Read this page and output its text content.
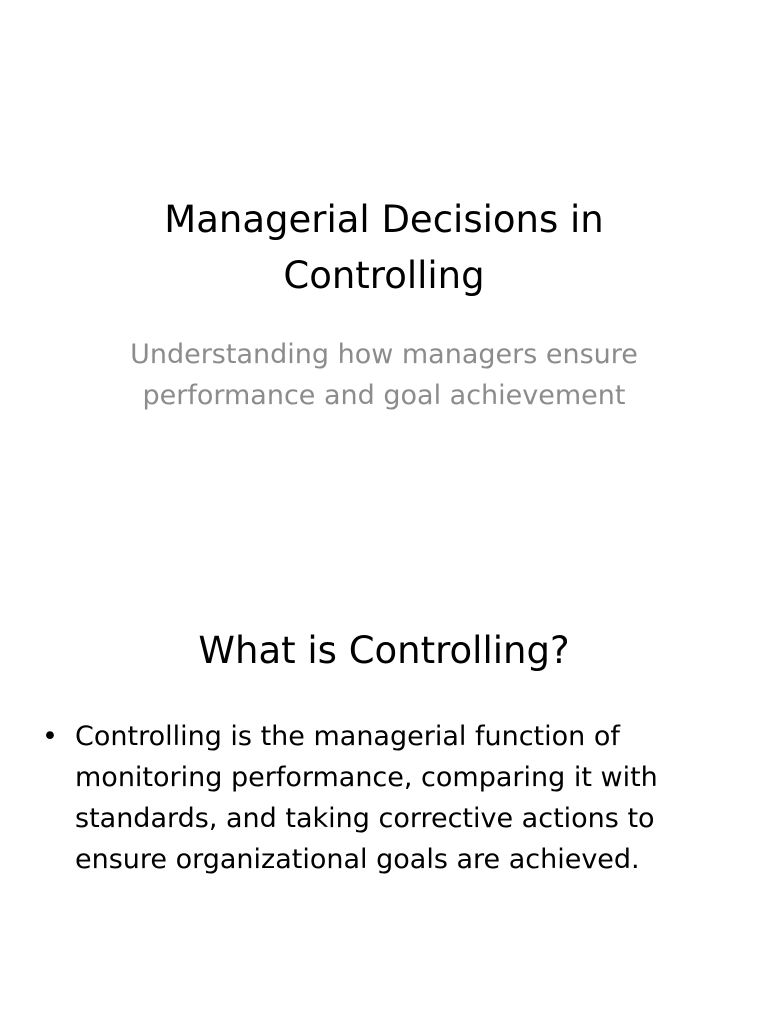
Managerial Decisions in Controlling

Understanding how managers ensure performance and goal achievement

What is Controlling?
• Controlling is the managerial function of monitoring performance, comparing it with standards, and taking corrective actions to ensure organizational goals are achieved.
